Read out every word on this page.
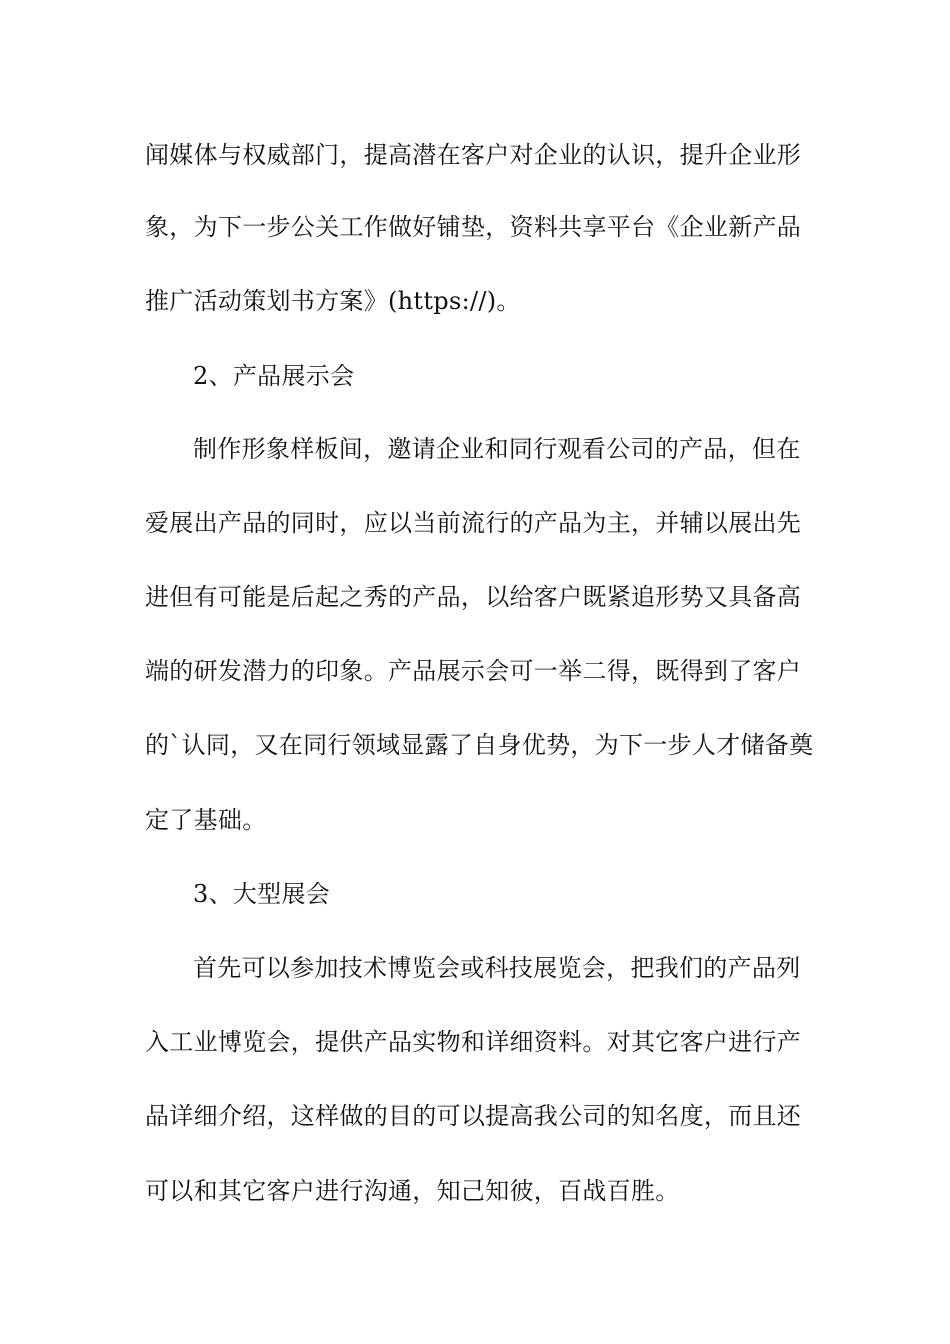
闻媒体与权威部门，提高潜在客户对企业的认识，提升企业形
象，为下一步公关工作做好铺垫，资料共享平台《企业新产品
推广活动策划书方案》(https://)。
2、产品展示会
制作形象样板间，邀请企业和同行观看公司的产品，但在
爱展出产品的同时，应以当前流行的产品为主，并辅以展出先
进但有可能是后起之秀的产品，以给客户既紧追形势又具备高
端的研发潜力的印象。产品展示会可一举二得，既得到了客户
的`认同，又在同行领域显露了自身优势，为下一步人才储备奠
定了基础。
3、大型展会
首先可以参加技术博览会或科技展览会，把我们的产品列
入工业博览会，提供产品实物和详细资料。对其它客户进行产
品详细介绍，这样做的目的可以提高我公司的知名度，而且还
可以和其它客户进行沟通，知己知彼，百战百胜。
